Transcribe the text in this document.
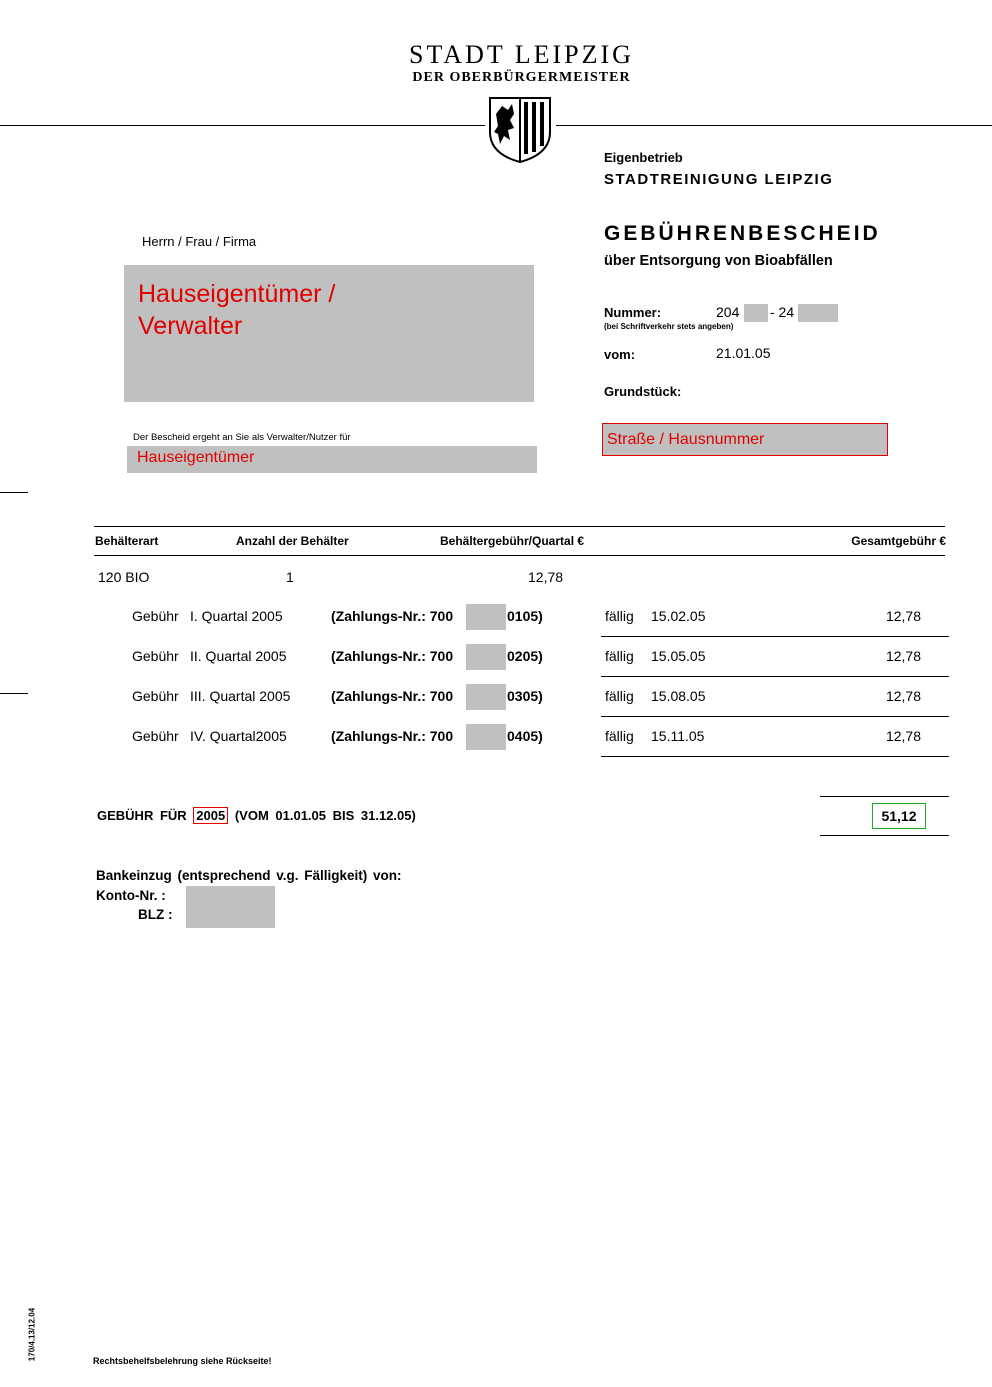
STADT LEIPZIG
DER OBERBÜRGERMEISTER
Eigenbetrieb
STADTREINIGUNG LEIPZIG
GEBÜHRENBESCHEID
über Entsorgung von Bioabfällen
Nummer:	204 - 24
(bei Schriftverkehr stets angeben)
vom:	21.01.05
Grundstück:
Straße / Hausnummer
Herrn / Frau / Firma
Hauseigentümer /
Verwalter
Der Bescheid ergeht an Sie als Verwalter/Nutzer für
Hauseigentümer
Behälterart	Anzahl der Behälter	Behältergebühr/Quartal €	Gesamtgebühr €
120 BIO	1	12,78
Gebühr I. Quartal 2005	(Zahlungs-Nr.: 700	0105)	fällig 15.02.05	12,78
Gebühr II. Quartal 2005	(Zahlungs-Nr.: 700	0205)	fällig 15.05.05	12,78
Gebühr III. Quartal 2005	(Zahlungs-Nr.: 700	0305)	fällig 15.08.05	12,78
Gebühr IV. Quartal2005	(Zahlungs-Nr.: 700	0405)	fällig 15.11.05	12,78
GEBÜHR FÜR 2005 (VOM 01.01.05 BIS 31.12.05)	51,12
Bankeinzug (entsprechend v.g. Fälligkeit) von:
Konto-Nr. :
BLZ :
Rechtsbehelfsbelehrung siehe Rückseite!
170/4.13/12.04
